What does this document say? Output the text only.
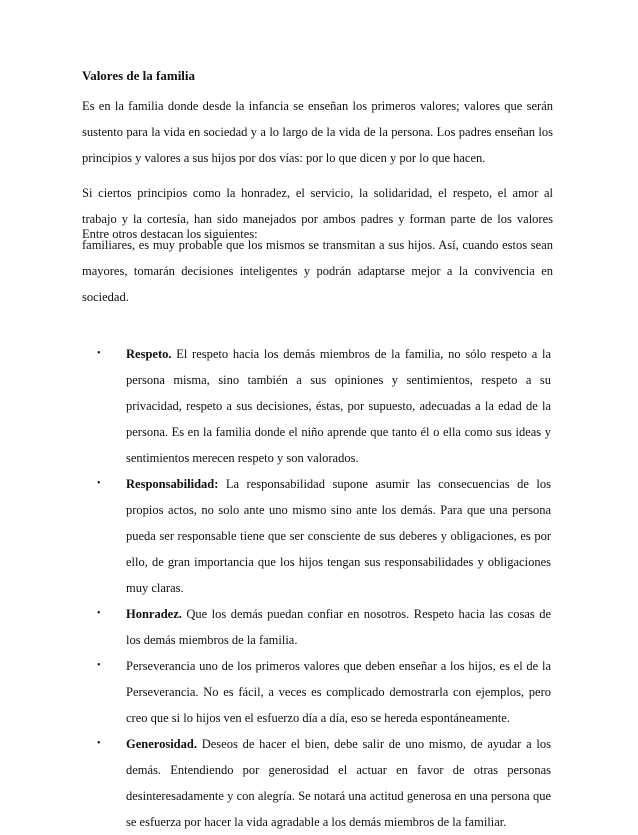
Valores de la familia

Es en la familia donde desde la infancia se enseñan los primeros valores; valores que serán sustento para la vida en sociedad y a lo largo de la vida de la persona. Los padres enseñan los principios y valores a sus hijos por dos vías: por lo que dicen y por lo que hacen.

Si ciertos principios como la honradez, el servicio, la solidaridad, el respeto, el amor al trabajo y la cortesía, han sido manejados por ambos padres y forman parte de los valores familiares, es muy probable que los mismos se transmitan a sus hijos. Así, cuando estos sean mayores, tomarán decisiones inteligentes y podrán adaptarse mejor a la convivencia en sociedad.

Entre otros destacan los siguientes:

• Respeto. El respeto hacia los demás miembros de la familia, no sólo respeto a la persona misma, sino también a sus opiniones y sentimientos, respeto a su privacidad, respeto a sus decisiones, éstas, por supuesto, adecuadas a la edad de la persona. Es en la familia donde el niño aprende que tanto él o ella como sus ideas y sentimientos merecen respeto y son valorados.
• Responsabilidad: La responsabilidad supone asumir las consecuencias de los propios actos, no solo ante uno mismo sino ante los demás. Para que una persona pueda ser responsable tiene que ser consciente de sus deberes y obligaciones, es por ello, de gran importancia que los hijos tengan sus responsabilidades y obligaciones muy claras.
• Honradez. Que los demás puedan confiar en nosotros. Respeto hacia las cosas de los demás miembros de la familia.
• Perseverancia uno de los primeros valores que deben enseñar a los hijos, es el de la Perseverancia. No es fácil, a veces es complicado demostrarla con ejemplos, pero creo que si lo hijos ven el esfuerzo día a día, eso se hereda espontáneamente.
• Generosidad. Deseos de hacer el bien, debe salir de uno mismo, de ayudar a los demás. Entendiendo por generosidad el actuar en favor de otras personas desinteresadamente y con alegría. Se notará una actitud generosa en una persona que se esfuerza por hacer la vida agradable a los demás miembros de la familiar.
